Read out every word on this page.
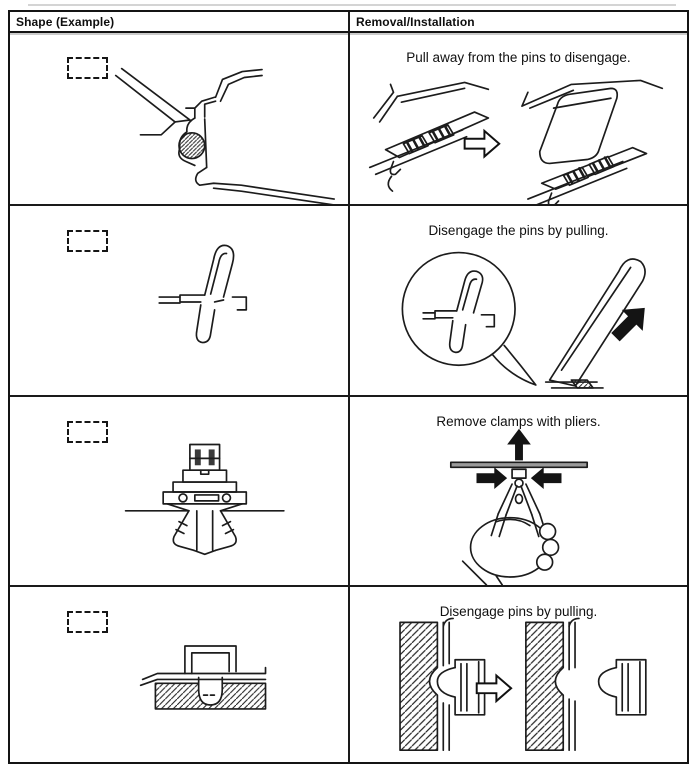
Shape (Example)	Removal/Installation
Pull away from the pins to disengage.
Disengage the pins by pulling.
Remove clamps with pliers.
Disengage pins by pulling.
